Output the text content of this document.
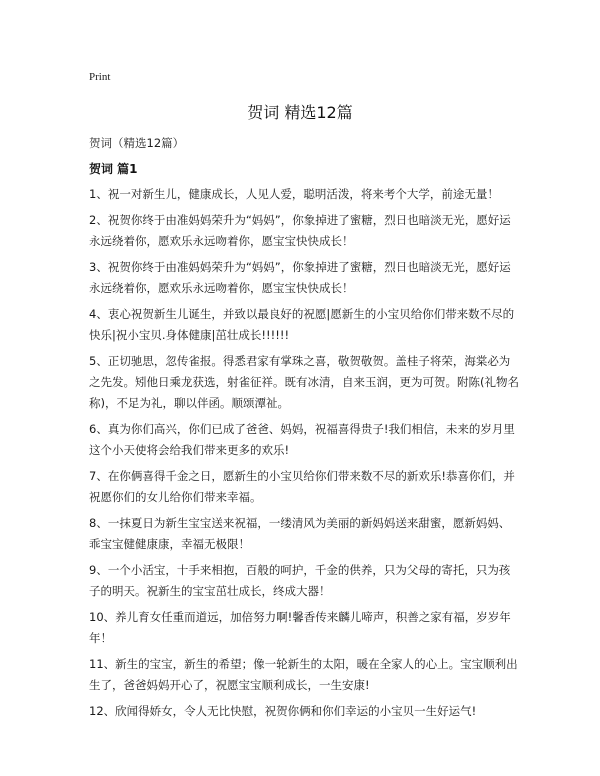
Print
贺词 精选12篇
贺词（精选12篇）
贺词 篇1
1、祝一对新生儿，健康成长，人见人爱，聪明活泼，将来考个大学，前途无量！
2、祝贺你终于由准妈妈荣升为“妈妈”，你象掉进了蜜糖，烈日也暗淡无光，愿好运永远绕着你，愿欢乐永远吻着你，愿宝宝快快成长！
3、祝贺你终于由准妈妈荣升为“妈妈”，你象掉进了蜜糖，烈日也暗淡无光，愿好运永远绕着你，愿欢乐永远吻着你，愿宝宝快快成长！
4、衷心祝贺新生儿诞生，并致以最良好的祝愿|愿新生的小宝贝给你们带来数不尽的快乐|祝小宝贝.身体健康|茁壮成长!!!!!!
5、正切驰思，忽传雀报。得悉君家有掌珠之喜，敬贺敬贺。盖桂子将荣，海棠必为之先发。矧他日乘龙获选，射雀征祥。既有冰清，自来玉润，更为可贺。附陈(礼物名称)，不足为礼，聊以伴函。顺颂潭祉。
6、真为你们高兴，你们已成了爸爸、妈妈，祝福喜得贵子!我们相信，未来的岁月里这个小天使将会给我们带来更多的欢乐!
7、在你俩喜得千金之日，愿新生的小宝贝给你们带来数不尽的新欢乐!恭喜你们，并祝愿你们的女儿给你们带来幸福。
8、一抹夏日为新生宝宝送来祝福，一缕清风为美丽的新妈妈送来甜蜜，愿新妈妈、乖宝宝健健康康，幸福无极限！
9、一个小活宝，十手来相抱，百般的呵护，千金的供养，只为父母的寄托，只为孩子的明天。祝新生的宝宝茁壮成长，终成大器！
10、养儿育女任重而道远，加倍努力啊!馨香传来麟儿啼声，积善之家有福，岁岁年年！
11、新生的宝宝，新生的希望；像一轮新生的太阳，暖在全家人的心上。宝宝顺利出生了，爸爸妈妈开心了，祝愿宝宝顺利成长，一生安康!
12、欣闻得娇女，令人无比快慰，祝贺你俩和你们幸运的小宝贝一生好运气!
